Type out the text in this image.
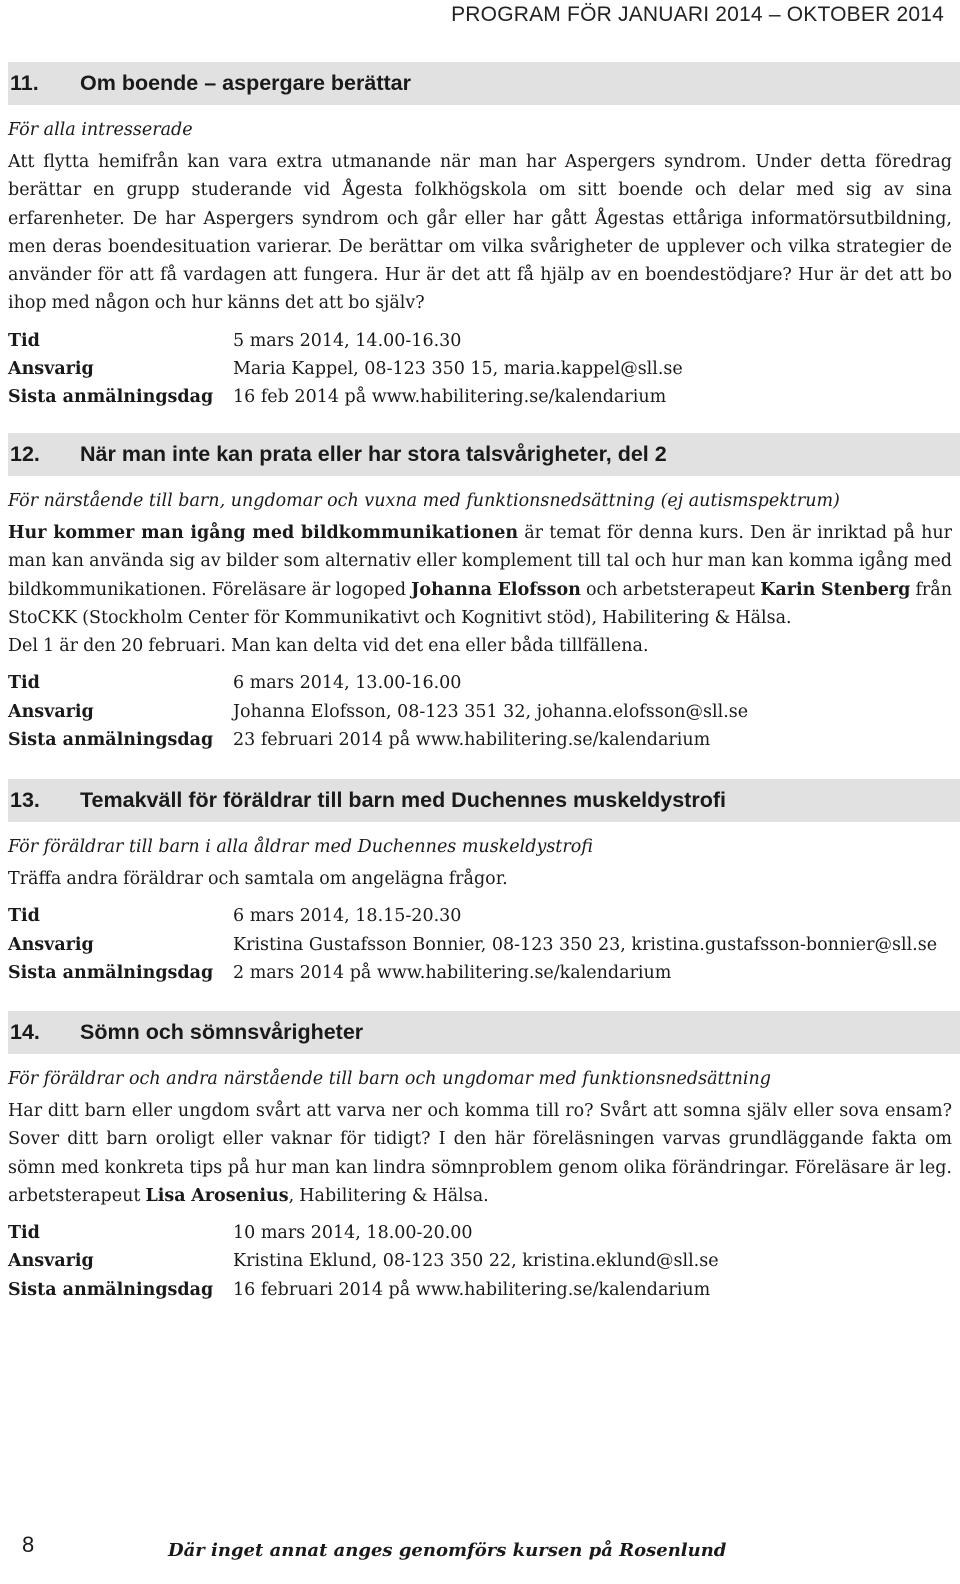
PROGRAM FÖR JANUARI 2014 – OKTOBER 2014
11.	Om boende – aspergare berättar
För alla intresserade

Att flytta hemifrån kan vara extra utmanande när man har Aspergers syndrom. Under detta föredrag berättar en grupp studerande vid Ågesta folkhögskola om sitt boende och delar med sig av sina erfarenheter. De har Aspergers syndrom och går eller har gått Ågestas ettåriga informatörsutbildning, men deras boendesituation varierar. De berättar om vilka svårigheter de upplever och vilka strategier de använder för att få vardagen att fungera. Hur är det att få hjälp av en boendestödjare? Hur är det att bo ihop med någon och hur känns det att bo själv?

Tid	5 mars 2014, 14.00-16.30
Ansvarig	Maria Kappel, 08-123 350 15, maria.kappel@sll.se
Sista anmälningsdag	16 feb 2014 på www.habilitering.se/kalendarium
12.	När man inte kan prata eller har stora talsvårigheter, del 2
För närstående till barn, ungdomar och vuxna med funktionsnedsättning (ej autismspektrum)

Hur kommer man igång med bildkommunikationen är temat för denna kurs. Den är inriktad på hur man kan använda sig av bilder som alternativ eller komplement till tal och hur man kan komma igång med bildkommunikationen. Föreläsare är logoped Johanna Elofsson och arbetsterapeut Karin Stenberg från StoCKK (Stockholm Center för Kommunikativt och Kognitivt stöd), Habilitering & Hälsa.
Del 1 är den 20 februari. Man kan delta vid det ena eller båda tillfällena.

Tid	6 mars 2014, 13.00-16.00
Ansvarig	Johanna Elofsson, 08-123 351 32, johanna.elofsson@sll.se
Sista anmälningsdag	23 februari 2014 på www.habilitering.se/kalendarium
13.	Temakväll för föräldrar till barn med Duchennes muskeldystrofi
För föräldrar till barn i alla åldrar med Duchennes muskeldystrofi

Träffa andra föräldrar och samtala om angelägna frågor.

Tid	6 mars 2014, 18.15-20.30
Ansvarig	Kristina Gustafsson Bonnier, 08-123 350 23, kristina.gustafsson-bonnier@sll.se
Sista anmälningsdag	2 mars 2014 på www.habilitering.se/kalendarium
14.	Sömn och sömnsvårigheter
För föräldrar och andra närstående till barn och ungdomar med funktionsnedsättning

Har ditt barn eller ungdom svårt att varva ner och komma till ro? Svårt att somna själv eller sova ensam? Sover ditt barn oroligt eller vaknar för tidigt? I den här föreläsningen varvas grundläggande fakta om sömn med konkreta tips på hur man kan lindra sömnproblem genom olika förändringar. Föreläsare är leg. arbetsterapeut Lisa Arosenius, Habilitering & Hälsa.

Tid	10 mars 2014, 18.00-20.00
Ansvarig	Kristina Eklund, 08-123 350 22, kristina.eklund@sll.se
Sista anmälningsdag	16 februari 2014 på www.habilitering.se/kalendarium
8	Där inget annat anges genomförs kursen på Rosenlund
